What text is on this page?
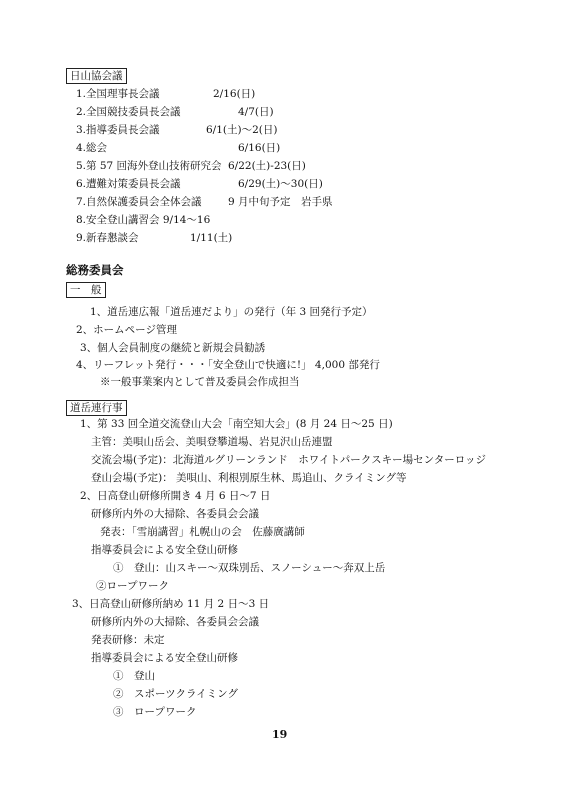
日山協会議
1.全国理事長会議	2/16(日)
2.全国競技委員長会議	4/7(日)
3.指導委員長会議	6/1(土)～2(日)
4.総会	6/16(日)
5.第 57 回海外登山技術研究会 6/22(土)-23(日)
6.遭難対策委員長会議	6/29(土)～30(日)
7.自然保護委員会全体会議	9 月中旬予定　岩手県
8.安全登山講習会 9/14～16
9.新春懇談会	1/11(土)
総務委員会
一　般
1、道岳連広報「道岳連だより」の発行（年 3 回発行予定）
2、ホームページ管理
3、個人会員制度の継続と新規会員勧誘
4、リーフレット発行・・・「安全登山で快適に!」 4,000 部発行
※一般事業案内として普及委員会作成担当
道岳連行事
1、第 33 回全道交流登山大会「南空知大会」(8 月 24 日～25 日)
主管：美唄山岳会、美唄登攀道場、岩見沢山岳連盟
交流会場(予定)：北海道ルグリーンランド　ホワイトパークスキー場センターロッジ
登山会場(予定)： 美唄山、利根別原生林、馬追山、クライミング等
2、日高登山研修所開き 4 月 6 日～7 日
研修所内外の大掃除、各委員会会議
発表：「雪崩講習」札幌山の会　佐藤廣講師
指導委員会による安全登山研修
①　登山：山スキー～双珠別岳、スノーシュー～奔双上岳
②ロープワーク
3、日高登山研修所納め 11 月 2 日～3 日
研修所内外の大掃除、各委員会会議
発表研修：未定
指導委員会による安全登山研修
①　登山
②　スポーツクライミング
③　ロープワーク
19
